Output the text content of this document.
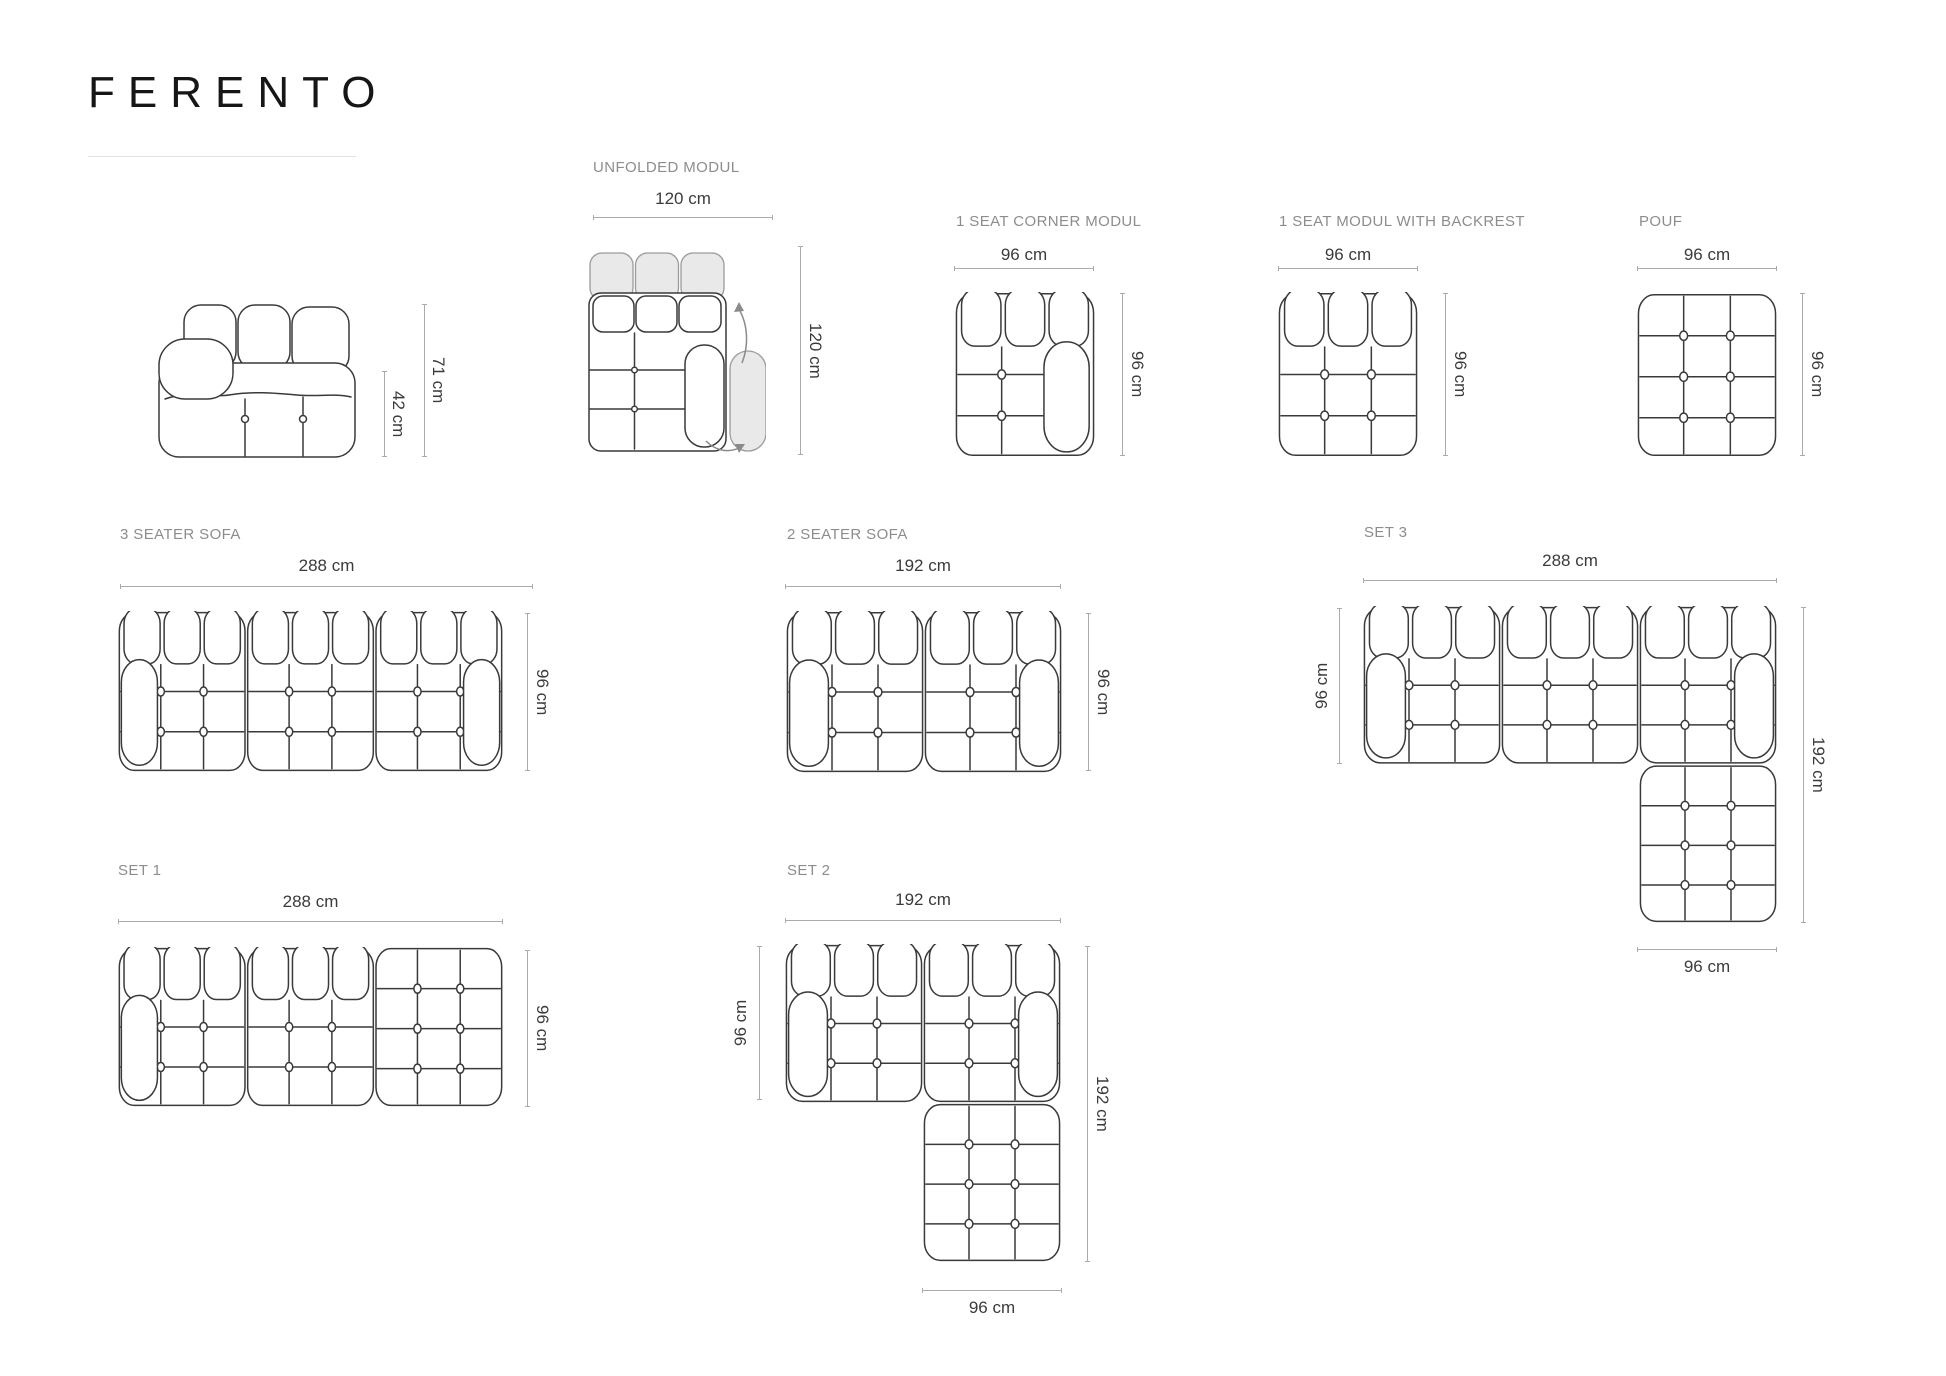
FERENTO
42 cm
71 cm
UNFOLDED MODUL
120 cm
120 cm
1 SEAT CORNER MODUL
96 cm
96 cm
1 SEAT MODUL WITH BACKREST
96 cm
96 cm
POUF
96 cm
96 cm
3 SEATER SOFA
288 cm
96 cm
2 SEATER SOFA
192 cm
96 cm
SET 3
288 cm
96 cm
192 cm
96 cm
SET 1
288 cm
96 cm
SET 2
192 cm
96 cm
192 cm
96 cm
